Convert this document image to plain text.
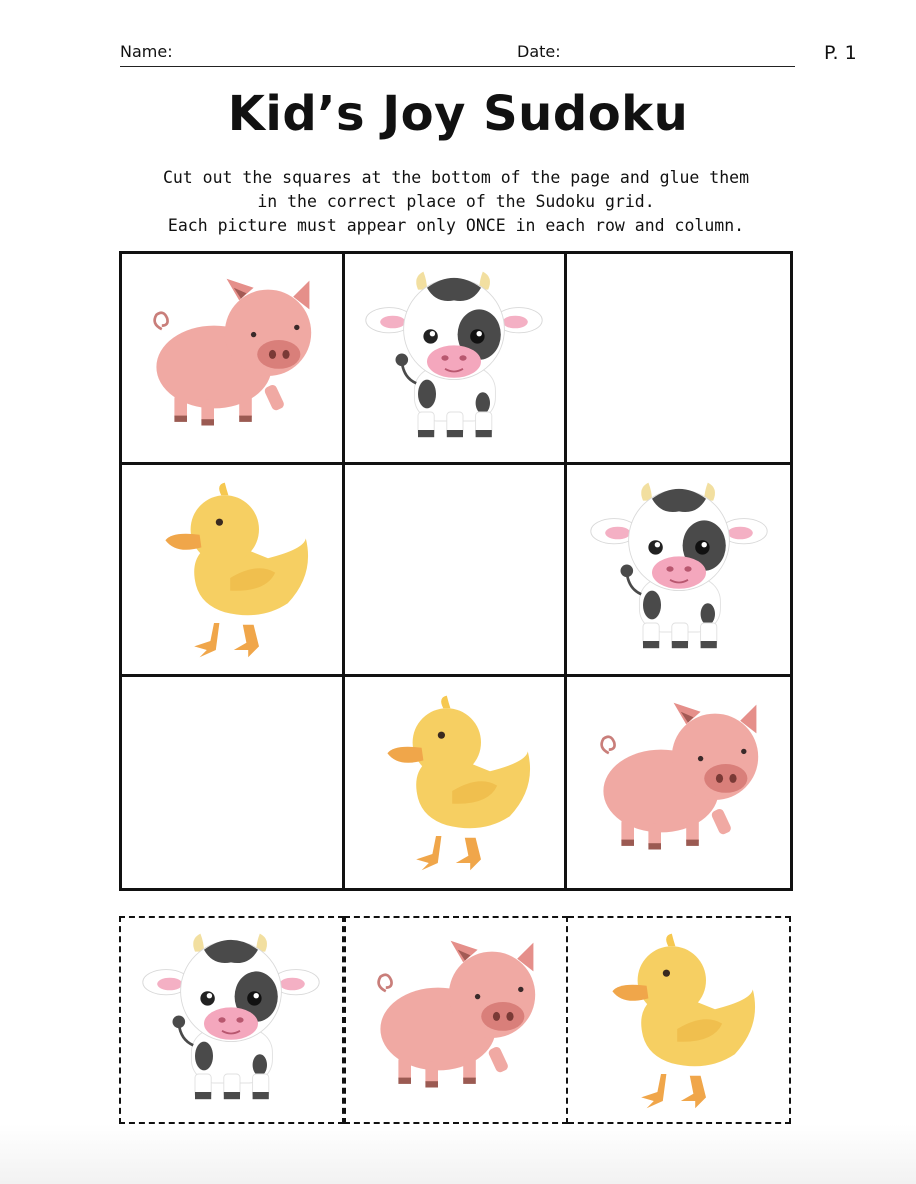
Name:	Date:	P. 1
Kid’s Joy Sudoku
Cut out the squares at the bottom of the page and glue them
in the correct place of the Sudoku grid.
Each picture must appear only ONCE in each row and column.
